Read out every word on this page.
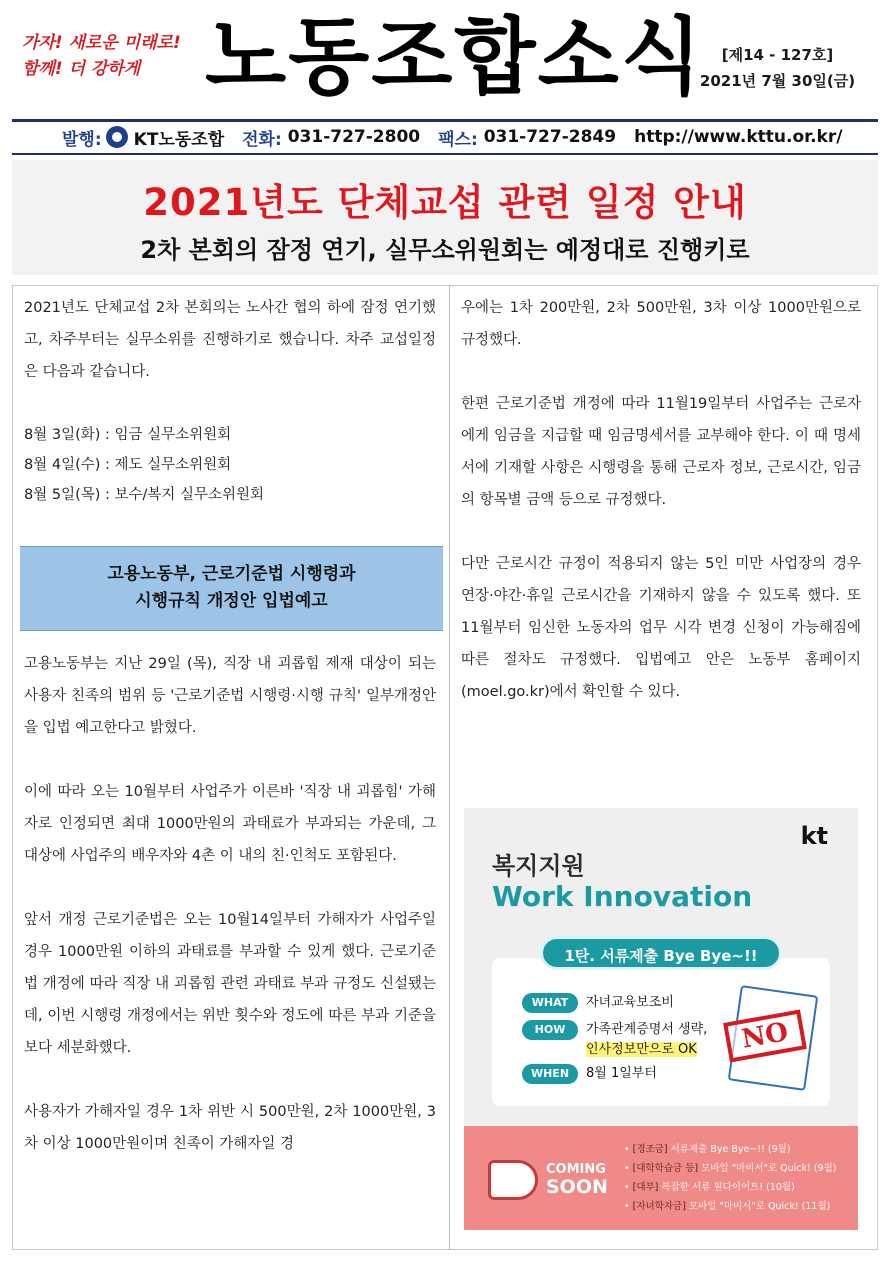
가자! 새로운 미래로!
함께! 더 강하게 노동조합소식	[제14 - 127호]
2021년 7월 30일(금)
발행: KT노동조합 전화:
031-727-2800 팩스:
031-727-2849 http://www.kttu.or.kr/
2021년도 단체교섭 관련 일정 안내
2차 본회의 잠정 연기, 실무소위원회는 예정대로 진행키로

2021년도 단체교섭 2차 본회의는 노사간 협의 하에 잠정 연기했고, 차주부터는 실무소위를 진행하기로 했습니다. 차주 교섭일정은 다음과 같습니다.

8월 3일(화) : 임금 실무소위원회
8월 4일(수) : 제도 실무소위원회
8월 5일(목) : 보수/복지 실무소위원회
고용노동부, 근로기준법 시행령과
시행규칙 개정안 입법예고

고용노동부는 지난 29일 (목), 직장 내 괴롭힘 제재 대상이 되는 사용자 친족의 범위 등 '근로기준법 시행령·시행 규칙' 일부개정안을 입법 예고한다고 밝혔다.

이에 따라 오는 10월부터 사업주가 이른바 '직장 내 괴롭힘' 가해자로 인정되면 최대 1000만원의 과태료가 부과되는 가운데, 그 대상에 사업주의 배우자와 4촌 이 내의 친·인척도 포함된다.

앞서 개정 근로기준법은 오는 10월14일부터 가해자가 사업주일 경우 1000만원 이하의 과태료를 부과할 수 있게 했다. 근로기준법 개정에 따라 직장 내 괴롭힘 관련 과태료 부과 규정도 신설됐는데, 이번 시행령 개정에서는 위반 횟수와 정도에 따른 부과 기준을 보다 세분화했다.

사용자가 가해자일 경우 1차 위반 시 500만원, 2차 1000만원, 3차 이상 1000만원이며 친족이 가해자일 경

우에는 1차 200만원, 2차 500만원, 3차 이상 1000만원으로 규정했다.

한편 근로기준법 개정에 따라 11월19일부터 사업주는 근로자에게 임금을 지급할 때 임금명세서를 교부해야 한다. 이 때 명세서에 기재할 사항은 시행령을 통해 근로자 정보, 근로시간, 임금의 항목별 금액 등으로 규정했다.

다만 근로시간 규정이 적용되지 않는 5인 미만 사업장의 경우 연장·야간·휴일 근로시간을 기재하지 않을 수 있도록 했다. 또 11월부터 임신한 노동자의 업무 시각 변경 신청이 가능해짐에 따른 절차도 규정했다. 입법예고 안은 노동부 홈페이지 (moel.go.kr)에서 확인할 수 있다.

kt
복지지원
Work Innovation
1탄. 서류제출 Bye Bye~!!
WHAT	자녀교육보조비
HOW	가족관계증명서 생략,
인사정보만으로 OK
WHEN	8월 1일부터
NO
COMING
SOON
• [경조금] 서류제출 Bye Bye~!! (9월)
• [대학학습금 등] 모바일 "마비서"로 Quick! (9월)
• [대부] 복잡한 서류 원다이어트! (10월)
• [자녀학자금] 모바일 "마비서"로 Quick! (11월)
